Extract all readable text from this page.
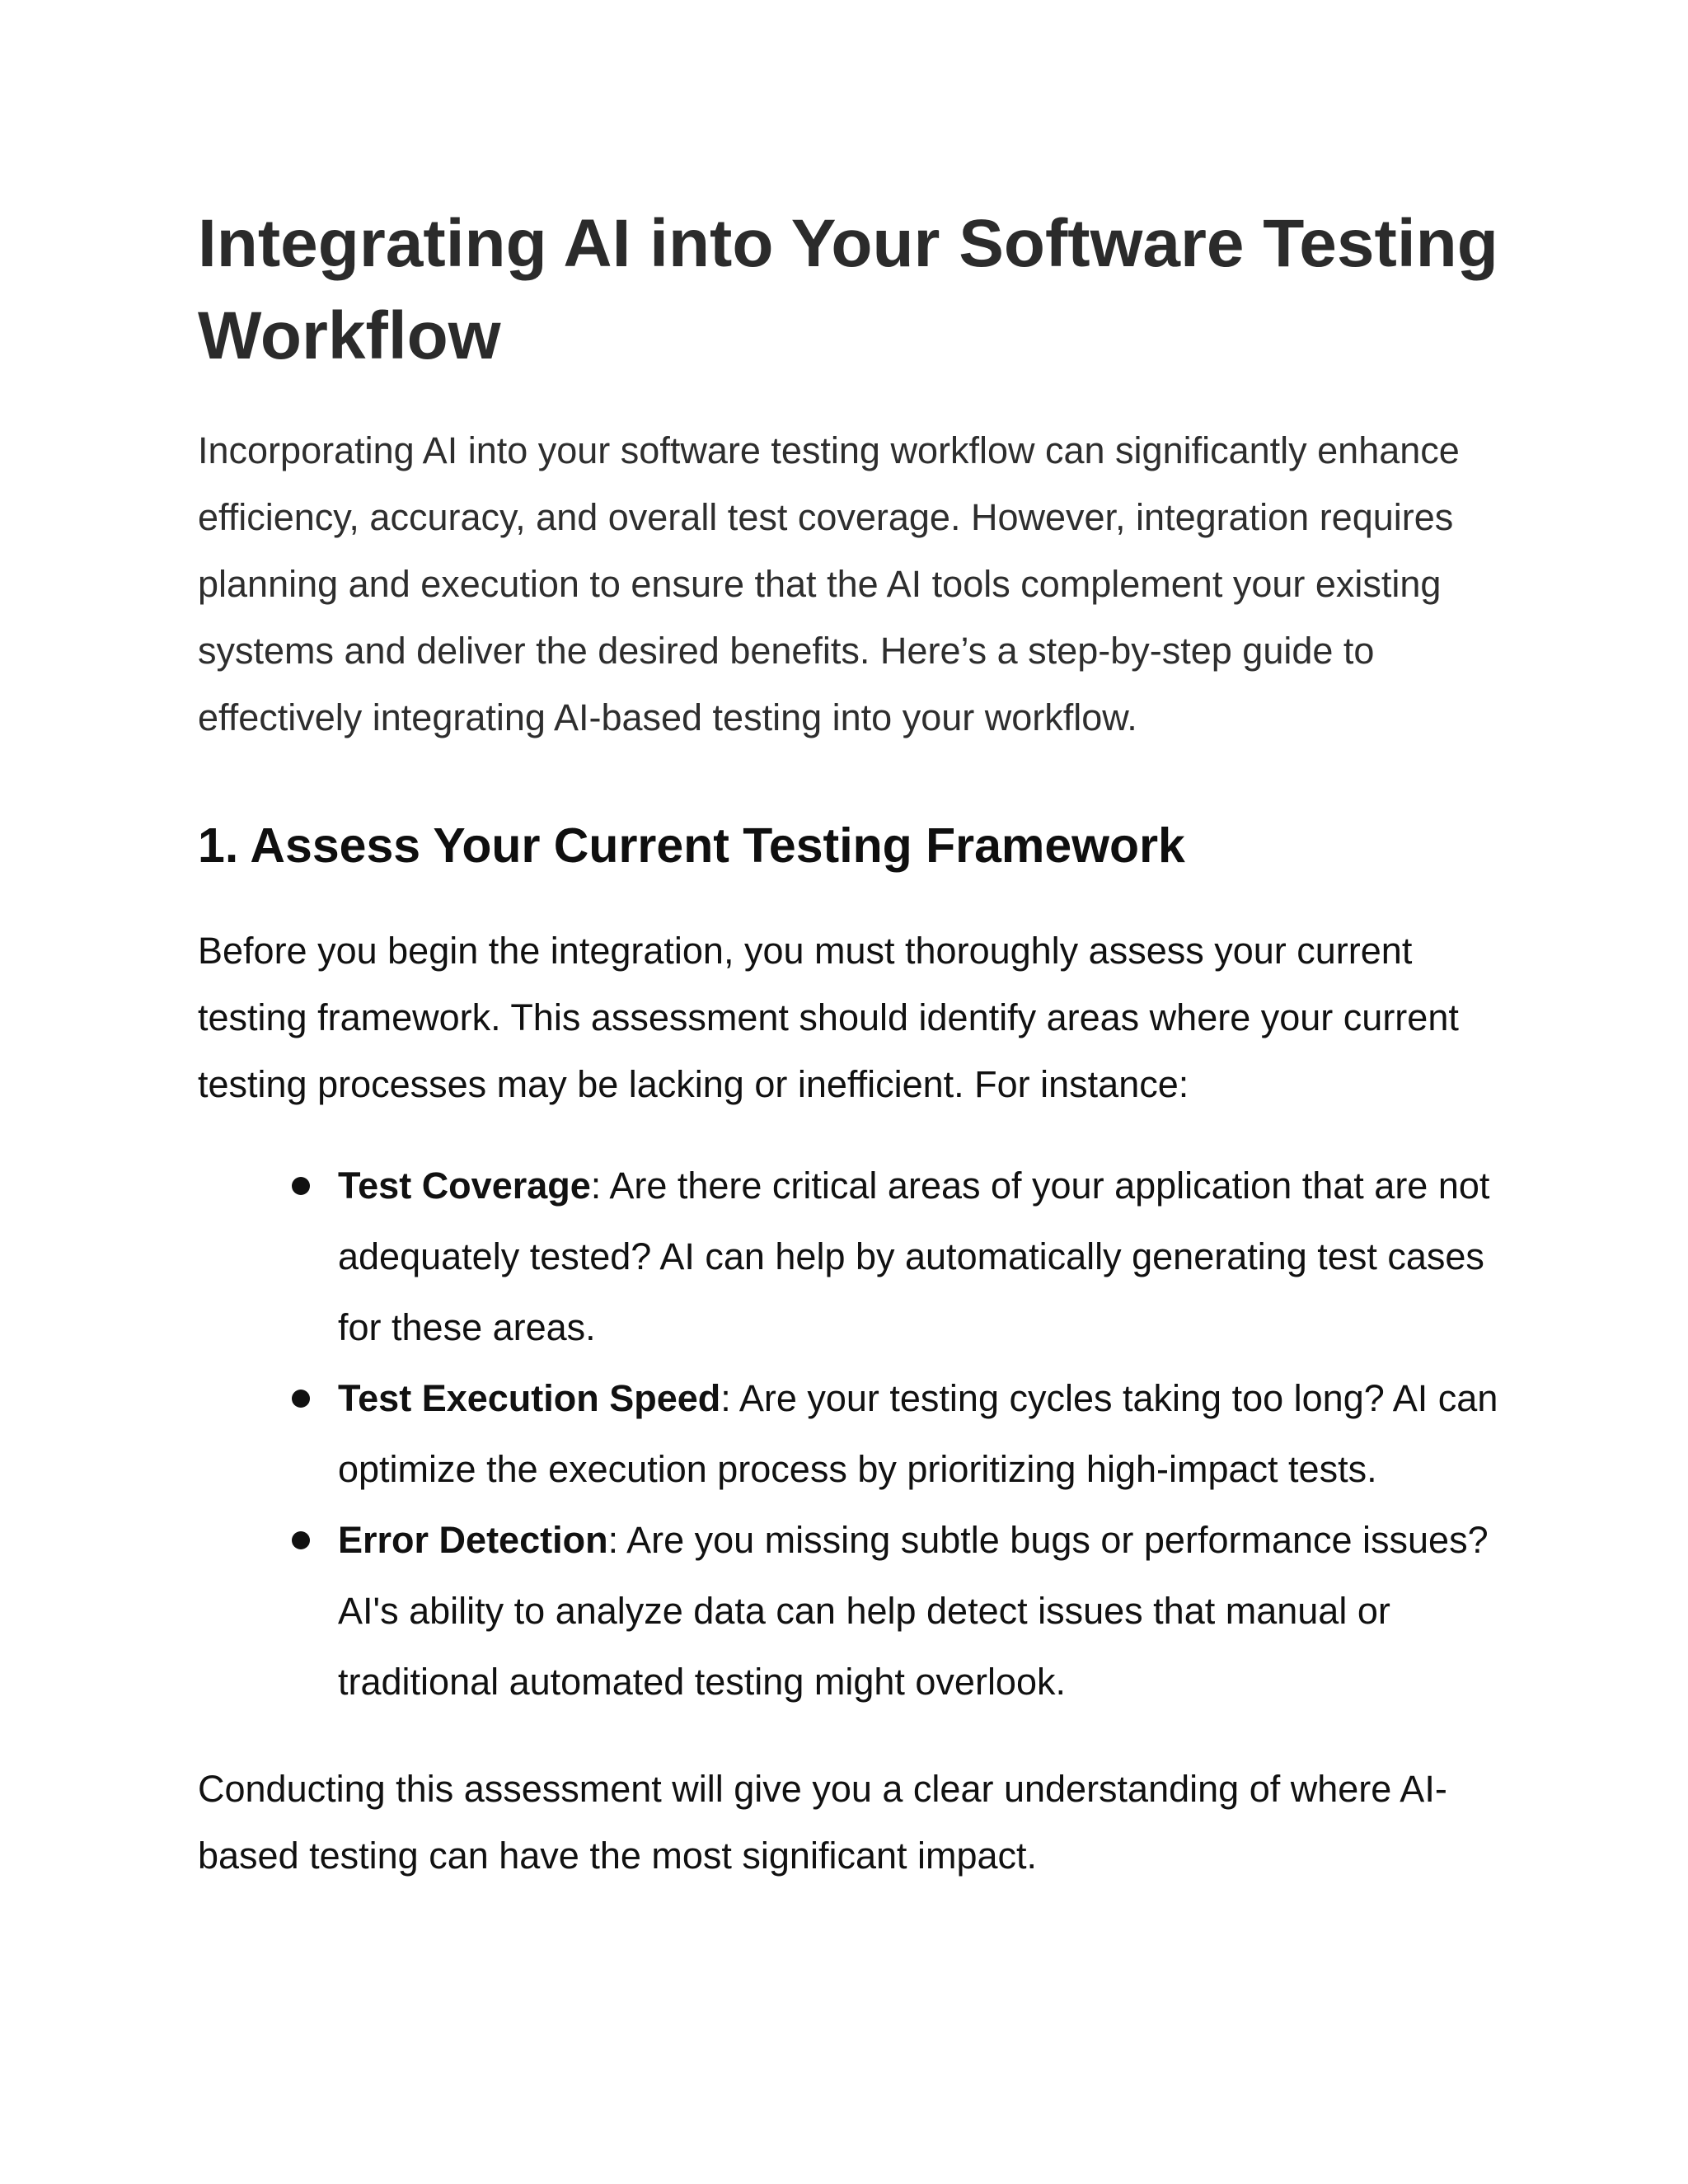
Integrating AI into Your Software Testing Workflow

Incorporating AI into your software testing workflow can significantly enhance efficiency, accuracy, and overall test coverage. However, integration requires planning and execution to ensure that the AI tools complement your existing systems and deliver the desired benefits. Here’s a step-by-step guide to effectively integrating AI-based testing into your workflow.

1. Assess Your Current Testing Framework

Before you begin the integration, you must thoroughly assess your current testing framework. This assessment should identify areas where your current testing processes may be lacking or inefficient. For instance:

Test Coverage: Are there critical areas of your application that are not adequately tested? AI can help by automatically generating test cases for these areas.
Test Execution Speed: Are your testing cycles taking too long? AI can optimize the execution process by prioritizing high-impact tests.
Error Detection: Are you missing subtle bugs or performance issues? AI's ability to analyze data can help detect issues that manual or traditional automated testing might overlook.

Conducting this assessment will give you a clear understanding of where AI-based testing can have the most significant impact.
